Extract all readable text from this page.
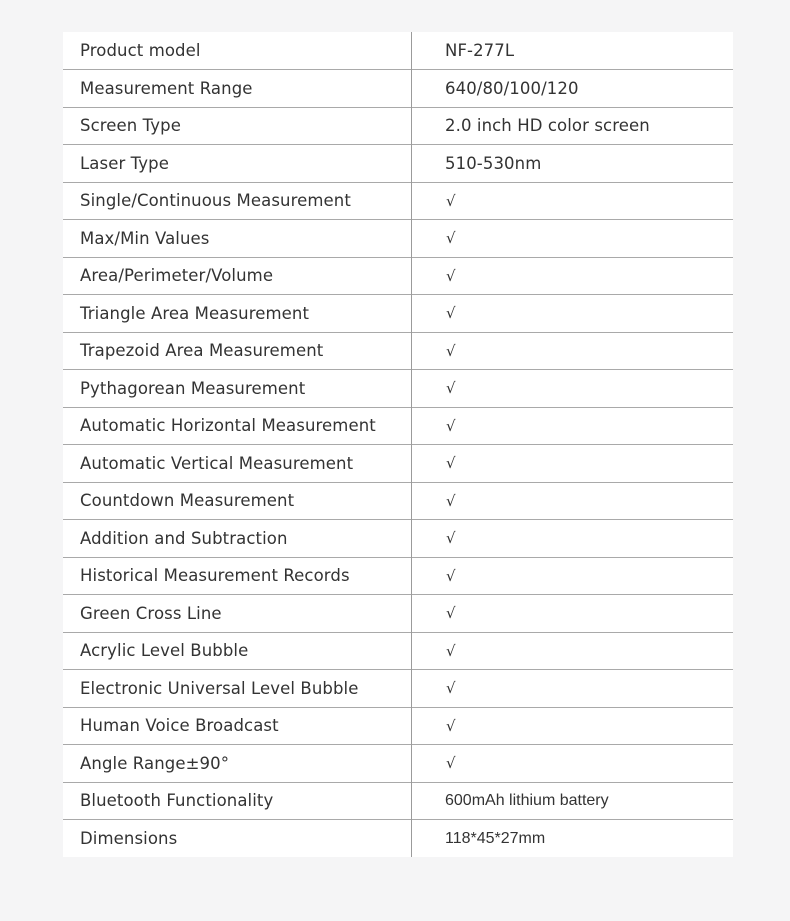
Product model	NF-277L
Measurement Range	640/80/100/120
Screen Type	2.0 inch HD color screen
Laser Type	510-530nm
Single/Continuous Measurement	√
Max/Min Values	√
Area/Perimeter/Volume	√
Triangle Area Measurement	√
Trapezoid Area Measurement	√
Pythagorean Measurement	√
Automatic Horizontal Measurement	√
Automatic Vertical Measurement	√
Countdown Measurement	√
Addition and Subtraction	√
Historical Measurement Records	√
Green Cross Line	√
Acrylic Level Bubble	√
Electronic Universal Level Bubble	√
Human Voice Broadcast	√
Angle Range±90°	√
Bluetooth Functionality	600mAh lithium battery
Dimensions	118*45*27mm
